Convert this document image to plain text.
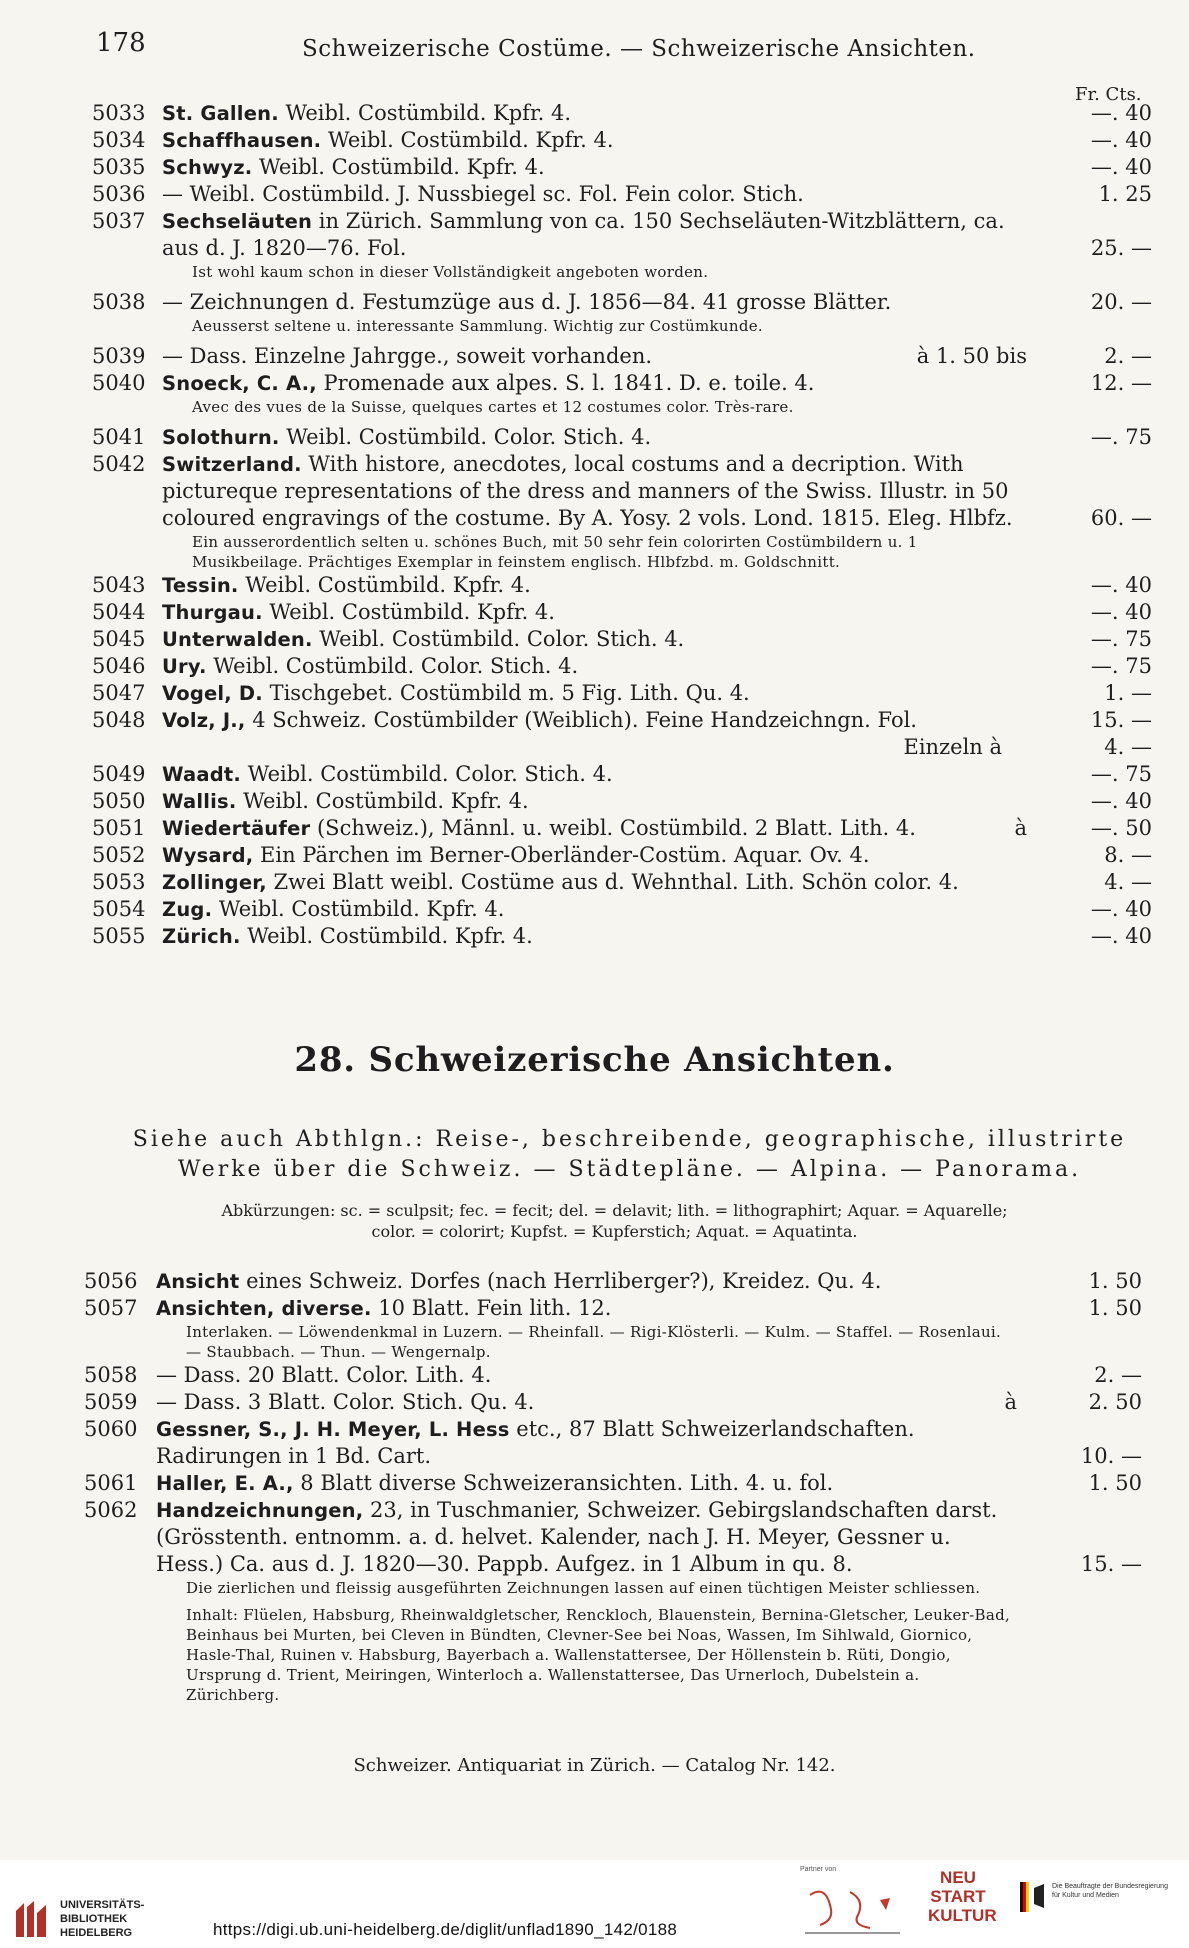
178	Schweizerische Costüme. — Schweizerische Ansichten.
Fr. Cts.
5033 St. Gallen. Weibl. Costümbild. Kpfr. 4.	—. 40
5034 Schaffhausen. Weibl. Costümbild. Kpfr. 4.	—. 40
5035 Schwyz. Weibl. Costümbild. Kpfr. 4.	—. 40
5036 — Weibl. Costümbild. J. Nussbiegel sc. Fol. Fein color. Stich.	1. 25
5037 Sechseläuten in Zürich. Sammlung von ca. 150 Sechseläuten-Witzblättern, ca. aus d. J. 1820—76. Fol.	25. —
Ist wohl kaum schon in dieser Vollständigkeit angeboten worden.
5038 — Zeichnungen d. Festumzüge aus d. J. 1856—84. 41 grosse Blätter.	20. —
Aeusserst seltene u. interessante Sammlung. Wichtig zur Costümkunde.
5039 — Dass. Einzelne Jahrgge., soweit vorhanden.	à 1. 50 bis	2. —
5040 Snoeck, C. A., Promenade aux alpes. S. l. 1841. D. e. toile. 4.	12. —
Avec des vues de la Suisse, quelques cartes et 12 costumes color. Très-rare.
5041 Solothurn. Weibl. Costümbild. Color. Stich. 4.	—. 75
5042 Switzerland. With histore, anecdotes, local costums and a decription. With pictureque representations of the dress and manners of the Swiss. Illustr. in 50 coloured engravings of the costume. By A. Yosy. 2 vols. Lond. 1815. Eleg. Hlbfz.	60. —
Ein ausserordentlich selten u. schönes Buch, mit 50 sehr fein colorirten Costümbildern u. 1 Musikbeilage. Prächtiges Exemplar in feinstem englisch. Hlbfzbd. m. Goldschnitt.
5043 Tessin. Weibl. Costümbild. Kpfr. 4.	—. 40
5044 Thurgau. Weibl. Costümbild. Kpfr. 4.	—. 40
5045 Unterwalden. Weibl. Costümbild. Color. Stich. 4.	—. 75
5046 Ury. Weibl. Costümbild. Color. Stich. 4.	—. 75
5047 Vogel, D. Tischgebet. Costümbild m. 5 Fig. Lith. Qu. 4.	1. —
5048 Volz, J., 4 Schweiz. Costümbilder (Weiblich). Feine Handzeichngn. Fol.	15. —
Einzeln à	4. —
5049 Waadt. Weibl. Costümbild. Color. Stich. 4.	—. 75
5050 Wallis. Weibl. Costümbild. Kpfr. 4.	—. 40
5051 Wiedertäufer (Schweiz.), Männl. u. weibl. Costümbild. 2 Blatt. Lith. 4.	à	—. 50
5052 Wysard, Ein Pärchen im Berner-Oberländer-Costüm. Aquar. Ov. 4.	8. —
5053 Zollinger, Zwei Blatt weibl. Costüme aus d. Wehnthal. Lith. Schön color. 4.	4. —
5054 Zug. Weibl. Costümbild. Kpfr. 4.	—. 40
5055 Zürich. Weibl. Costümbild. Kpfr. 4.	—. 40
28. Schweizerische Ansichten.
Siehe auch Abthlgn.: Reise-, beschreibende, geographische, illustrirte Werke über die Schweiz. — Städtepläne. — Alpina. — Panorama.
Abkürzungen: sc. = sculpsit; fec. = fecit; del. = delavit; lith. = lithographirt; Aquar. = Aquarelle;
color. = colorirt; Kupfst. = Kupferstich; Aquat. = Aquatinta.
5056 Ansicht eines Schweiz. Dorfes (nach Herrliberger?), Kreidez. Qu. 4.	1. 50
5057 Ansichten, diverse. 10 Blatt. Fein lith. 12.	1. 50
Interlaken. — Löwendenkmal in Luzern. — Rheinfall. — Rigi-Klösterli. — Kulm. — Staffel. — Rosenlaui. — Staubbach. — Thun. — Wengernalp.
5058 — Dass. 20 Blatt. Color. Lith. 4.	2. —
5059 — Dass. 3 Blatt. Color. Stich. Qu. 4.	à	2. 50
5060 Gessner, S., J. H. Meyer, L. Hess etc., 87 Blatt Schweizerlandschaften. Radirungen in 1 Bd. Cart.	10. —
5061 Haller, E. A., 8 Blatt diverse Schweizeransichten. Lith. 4. u. fol.	1. 50
5062 Handzeichnungen, 23, in Tuschmanier, Schweizer. Gebirgslandschaften darst. (Grösstenth. entnomm. a. d. helvet. Kalender, nach J. H. Meyer, Gessner u. Hess.) Ca. aus d. J. 1820—30. Pappb. Aufgez. in 1 Album in qu. 8.	15. —
Die zierlichen und fleissig ausgeführten Zeichnungen lassen auf einen tüchtigen Meister schliessen.
Inhalt: Flüelen, Habsburg, Rheinwaldgletscher, Renckloch, Blauenstein, Bernina-Gletscher, Leuker-Bad, Beinhaus bei Murten, bei Cleven in Bündten, Clevner-See bei Noas, Wassen, Im Sihlwald, Giornico, Hasle-Thal, Ruinen v. Habsburg, Bayerbach a. Wallenstattersee, Der Höllenstein b. Rüti, Dongio, Ursprung d. Trient, Meiringen, Winterloch a. Wallenstattersee, Das Urnerloch, Dubelstein a. Zürichberg.
Schweizer. Antiquariat in Zürich. — Catalog Nr. 142.
UNIVERSITÄTS-
BIBLIOTHEK
HEIDELBERG
Partner von	NEU
START
KULTUR
Die Beauftragte der Bundesregierung für Kultur und Medien
https://digi.ub.uni-heidelberg.de/diglit/unflad1890_142/0188
